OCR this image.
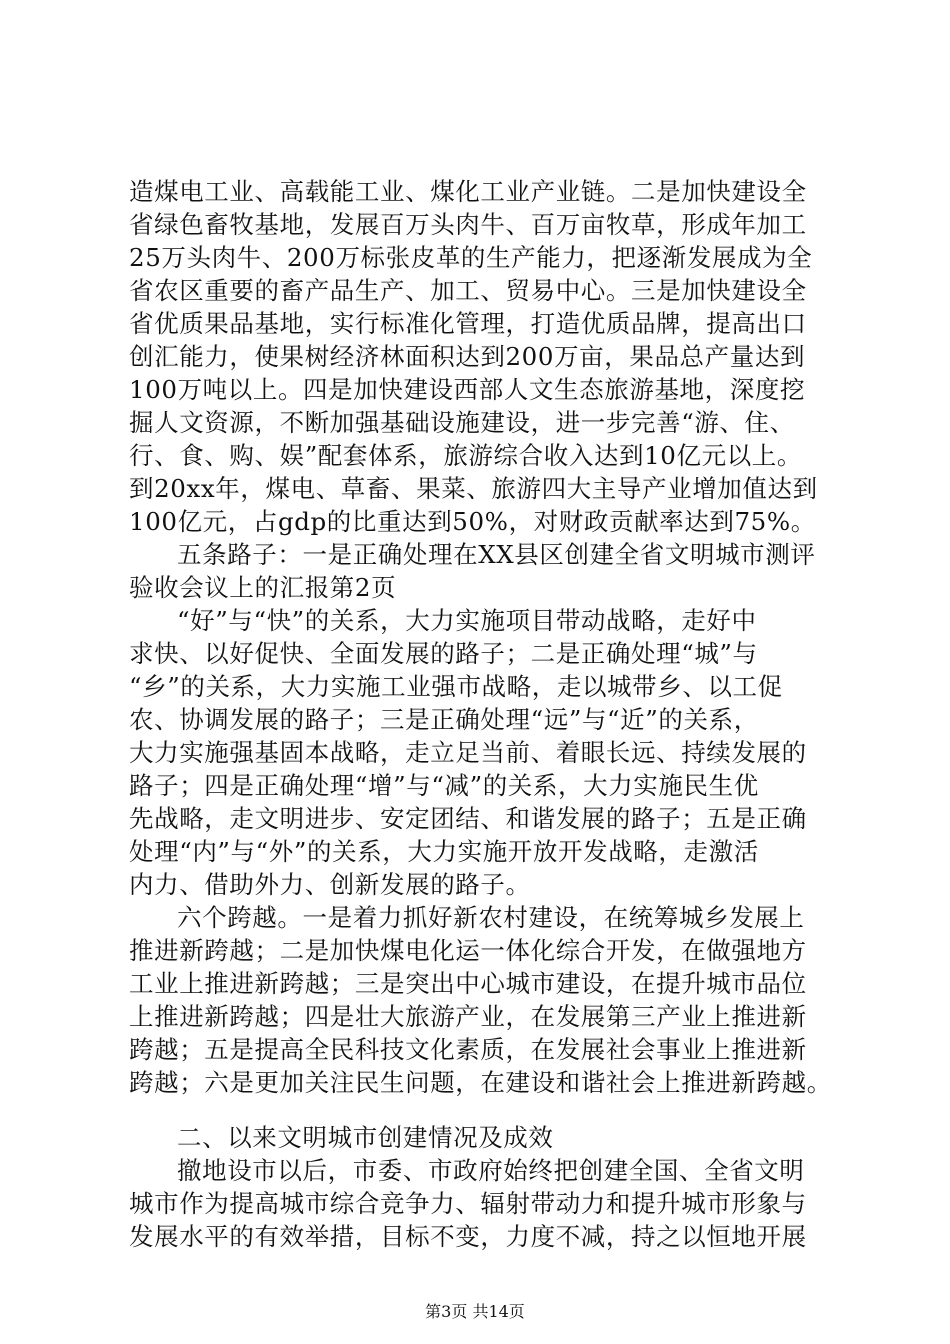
造煤电工业、高载能工业、煤化工业产业链。二是加快建设全
省绿色畜牧基地，发展百万头肉牛、百万亩牧草，形成年加工
25万头肉牛、200万标张皮革的生产能力，把逐渐发展成为全
省农区重要的畜产品生产、加工、贸易中心。三是加快建设全
省优质果品基地，实行标准化管理，打造优质品牌，提高出口
创汇能力，使果树经济林面积达到200万亩，果品总产量达到
100万吨以上。四是加快建设西部人文生态旅游基地，深度挖
掘人文资源，不断加强基础设施建设，进一步完善“游、住、
行、食、购、娱”配套体系，旅游综合收入达到10亿元以上。
到20xx年，煤电、草畜、果菜、旅游四大主导产业增加值达到
100亿元，占gdp的比重达到50%，对财政贡献率达到75%。
五条路子：一是正确处理在XX县区创建全省文明城市测评
验收会议上的汇报第2页
“好”与“快”的关系，大力实施项目带动战略，走好中
求快、以好促快、全面发展的路子；二是正确处理“城”与
“乡”的关系，大力实施工业强市战略，走以城带乡、以工促
农、协调发展的路子；三是正确处理“远”与“近”的关系，
大力实施强基固本战略，走立足当前、着眼长远、持续发展的
路子；四是正确处理“增”与“减”的关系，大力实施民生优
先战略，走文明进步、安定团结、和谐发展的路子；五是正确
处理“内”与“外”的关系，大力实施开放开发战略，走激活
内力、借助外力、创新发展的路子。
六个跨越。一是着力抓好新农村建设，在统筹城乡发展上
推进新跨越；二是加快煤电化运一体化综合开发，在做强地方
工业上推进新跨越；三是突出中心城市建设，在提升城市品位
上推进新跨越；四是壮大旅游产业，在发展第三产业上推进新
跨越；五是提高全民科技文化素质，在发展社会事业上推进新
跨越；六是更加关注民生问题，在建设和谐社会上推进新跨越。
二、以来文明城市创建情况及成效
撤地设市以后，市委、市政府始终把创建全国、全省文明
城市作为提高城市综合竞争力、辐射带动力和提升城市形象与
发展水平的有效举措，目标不变，力度不减，持之以恒地开展
第3页 共14页
